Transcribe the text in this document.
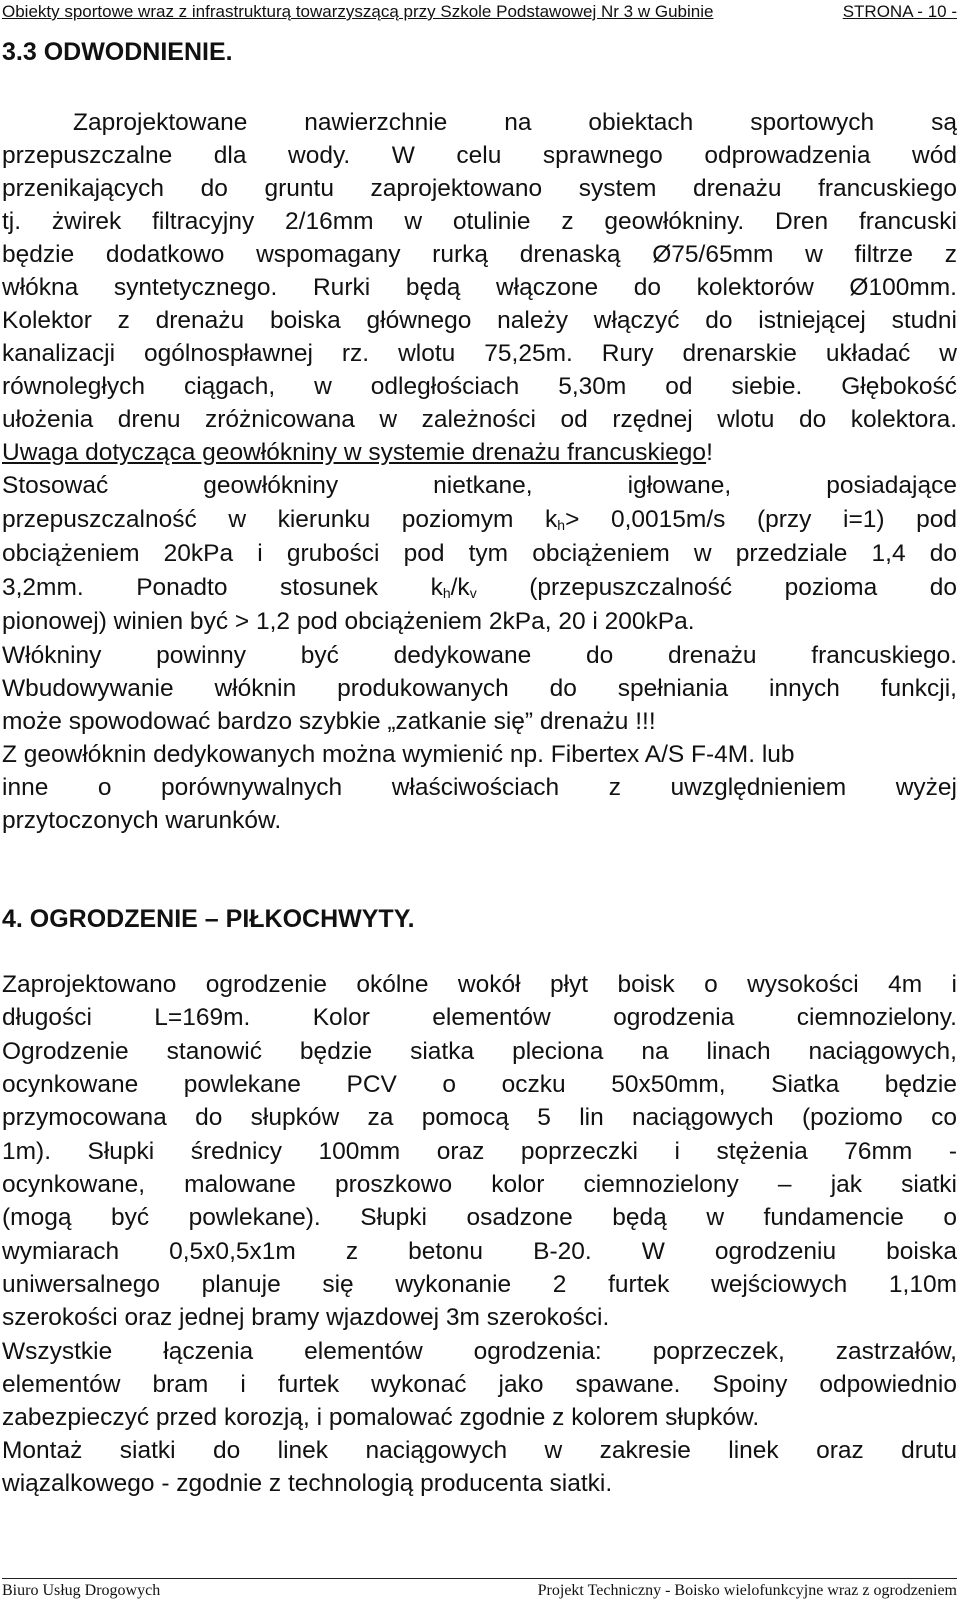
Obiekty sportowe wraz z infrastrukturą towarzyszącą przy Szkole Podstawowej Nr 3 w Gubinie	STRONA - 10 -
3.3 ODWODNIENIE.
Zaprojektowane nawierzchnie na obiektach sportowych są
przepuszczalne dla wody. W celu sprawnego odprowadzenia wód
przenikających do gruntu zaprojektowano system drenażu francuskiego
tj. żwirek filtracyjny 2/16mm w otulinie z geowłókniny. Dren francuski
będzie dodatkowo wspomagany rurką drenaską Ø75/65mm w filtrze z
włókna syntetycznego. Rurki będą włączone do kolektorów Ø100mm.
Kolektor z drenażu boiska głównego należy włączyć do istniejącej studni
kanalizacji ogólnospławnej rz. wlotu 75,25m. Rury drenarskie układać w
równoległych ciągach, w odległościach 5,30m od siebie. Głębokość
ułożenia drenu zróżnicowana w zależności od rzędnej wlotu do kolektora.
Uwaga dotycząca geowłókniny w systemie drenażu francuskiego!
Stosować geowłókniny nietkane, igłowane, posiadające
przepuszczalność w kierunku poziomym $k_h> 0,0015m/s$ (przy i=1) pod
obciążeniem 20kPa i grubości pod tym obciążeniem w przedziale 1,4 do
3,2mm. Ponadto stosunek $k_h/k_v$ (przepuszczalność pozioma do
pionowej) winien być > 1,2 pod obciążeniem 2kPa, 20 i 200kPa.
Włókniny powinny być dedykowane do drenażu francuskiego.
Wbudowywanie włóknin produkowanych do spełniania innych funkcji,
może spowodować bardzo szybkie „zatkanie się” drenażu !!!
Z geowłóknin dedykowanych można wymienić np. Fibertex A/S F-4M. lub
inne o porównywalnych właściwościach z uwzględnieniem wyżej
przytoczonych warunków.
4. OGRODZENIE – PIŁKOCHWYTY.
Zaprojektowano ogrodzenie okólne wokół płyt boisk o wysokości 4m i
długości L=169m. Kolor elementów ogrodzenia ciemnozielony.
Ogrodzenie stanowić będzie siatka pleciona na linach naciągowych,
ocynkowane powlekane PCV o oczku 50x50mm, Siatka będzie
przymocowana do słupków za pomocą 5 lin naciągowych (poziomo co
1m). Słupki średnicy 100mm oraz poprzeczki i stężenia 76mm -
ocynkowane, malowane proszkowo kolor ciemnozielony – jak siatki
(mogą być powlekane). Słupki osadzone będą w fundamencie o
wymiarach 0,5x0,5x1m z betonu B-20. W ogrodzeniu boiska
uniwersalnego planuje się wykonanie 2 furtek wejściowych 1,10m
szerokości oraz jednej bramy wjazdowej 3m szerokości.
Wszystkie łączenia elementów ogrodzenia: poprzeczek, zastrzałów,
elementów bram i furtek wykonać jako spawane. Spoiny odpowiednio
zabezpieczyć przed korozją, i pomalować zgodnie z kolorem słupków.
Montaż siatki do linek naciągowych w zakresie linek oraz drutu
wiązalkowego - zgodnie z technologią producenta siatki.
Biuro Usług Drogowych	Projekt Techniczny - Boisko wielofunkcyjne wraz z ogrodzeniem
